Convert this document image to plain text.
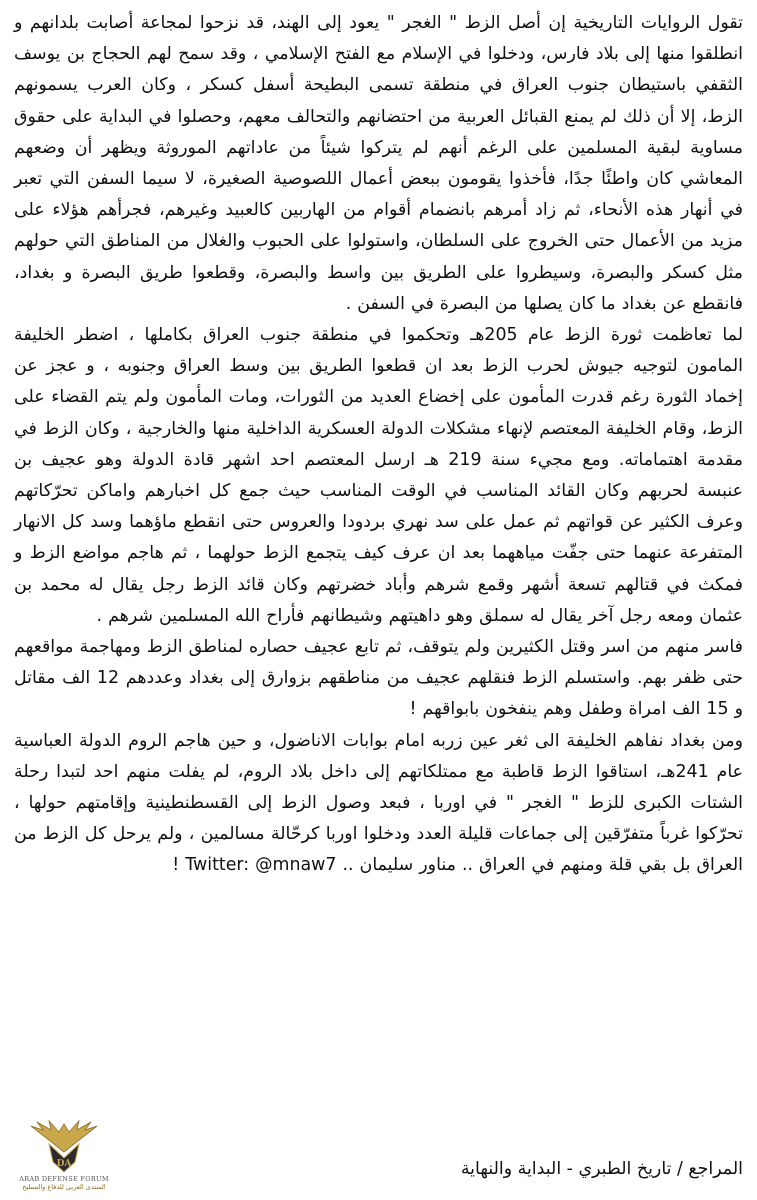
تقول الروايات التاريخية إن أصل الزط " الغجر " يعود إلى الهند، قد نزحوا لمجاعة أصابت بلدانهم و انطلقوا منها إلى بلاد فارس، ودخلوا في الإسلام مع الفتح الإسلامي ، وقد سمح لهم الحجاج بن يوسف الثقفي باستيطان جنوب العراق في منطقة تسمى البطيحة أسفل كسكر ، وكان العرب يسمونهم الزط، إلا أن ذلك لم يمنع القبائل العربية من احتضانهم والتحالف معهم، وحصلوا في البداية على حقوق مساوية لبقية المسلمين على الرغم أنهم لم يتركوا شيئاً من عاداتهم الموروثة ويظهر أن وضعهم المعاشي كان واطئًا جدًا، فأخذوا يقومون ببعض أعمال اللصوصية الصغيرة، لا سيما السفن التي تعبر في أنهار هذه الأنحاء، ثم زاد أمرهم بانضمام أقوام من الهاربين كالعبيد وغيرهم، فجرأهم هؤلاء على مزيد من الأعمال حتى الخروج على السلطان، واستولوا على الحبوب والغلال من المناطق التي حولهم مثل كسكر والبصرة، وسيطروا على الطريق بين واسط والبصرة، وقطعوا طريق البصرة و بغداد، فانقطع عن بغداد ما كان يصلها من البصرة في السفن .

لما تعاظمت ثورة الزط عام 205هـ وتحكموا في منطقة جنوب العراق بكاملها ، اضطر الخليفة المامون لتوجيه جيوش لحرب الزط بعد ان قطعوا الطريق بين وسط العراق وجنوبه ، و عجز عن إخماد الثورة رغم قدرت المأمون على إخضاع العديد من الثورات، ومات المأمون ولم يتم القضاء على الزط، وقام الخليفة المعتصم لإنهاء مشكلات الدولة العسكرية الداخلية منها والخارجية ، وكان الزط في مقدمة اهتماماته. ومع مجيء سنة 219 هـ ارسل المعتصم احد اشهر قادة الدولة وهو عجيف بن عنبسة لحربهم وكان القائد المناسب في الوقت المناسب حيث جمع كل اخبارهم واماكن تحرّكاتهم وعرف الكثير عن قواتهم ثم عمل على سد نهري بردودا والعروس حتى انقطع ماؤهما وسد كل الانهار المتفرعة عنهما حتى جفّت مياههما بعد ان عرف كيف يتجمع الزط حولهما ، ثم هاجم مواضع الزط و فمكث في قتالهم تسعة أشهر وقمع شرهم وأباد خضرتهم وكان قائد الزط رجل يقال له محمد بن عثمان ومعه رجل آخر يقال له سملق وهو داهيتهم وشيطانهم فأراح الله المسلمين شرهم .

فاسر منهم من اسر وقتل الكثيرين ولم يتوقف، ثم تابع عجيف حصاره لمناطق الزط ومهاجمة مواقعهم حتى ظفر بهم. واستسلم الزط فنقلهم عجيف من مناطقهم بزوارق إلى بغداد وعددهم 12 الف مقاتل و 15 الف امراة وطفل وهم ينفخون بابواقهم !

ومن بغداد نفاهم الخليفة الى ثغر عين زربه امام بوابات الاناضول، و حين هاجم الروم الدولة العباسية عام 241هـ، استاقوا الزط قاطبة مع ممتلكاتهم إلى داخل بلاد الروم، لم يفلت منهم احد لتبدا رحلة الشتات الكبرى للزط " الغجر " في اوربا ، فبعد وصول الزط إلى القسطنطينية وإقامتهم حولها ، تحرّكوا غرباً متفرّقين إلى جماعات قليلة العدد ودخلوا اوربا كرحّالة مسالمين ، ولم يرحل كل الزط من العراق بل بقي قلة ومنهم في العراق .. مناور سليمان .. Twitter: @mnaw7 !

المراجع / تاريخ الطبري - البداية والنهاية
DA
ARAB DEFENSE FORUM
المنتدى العربي للدفاع والتسليح
